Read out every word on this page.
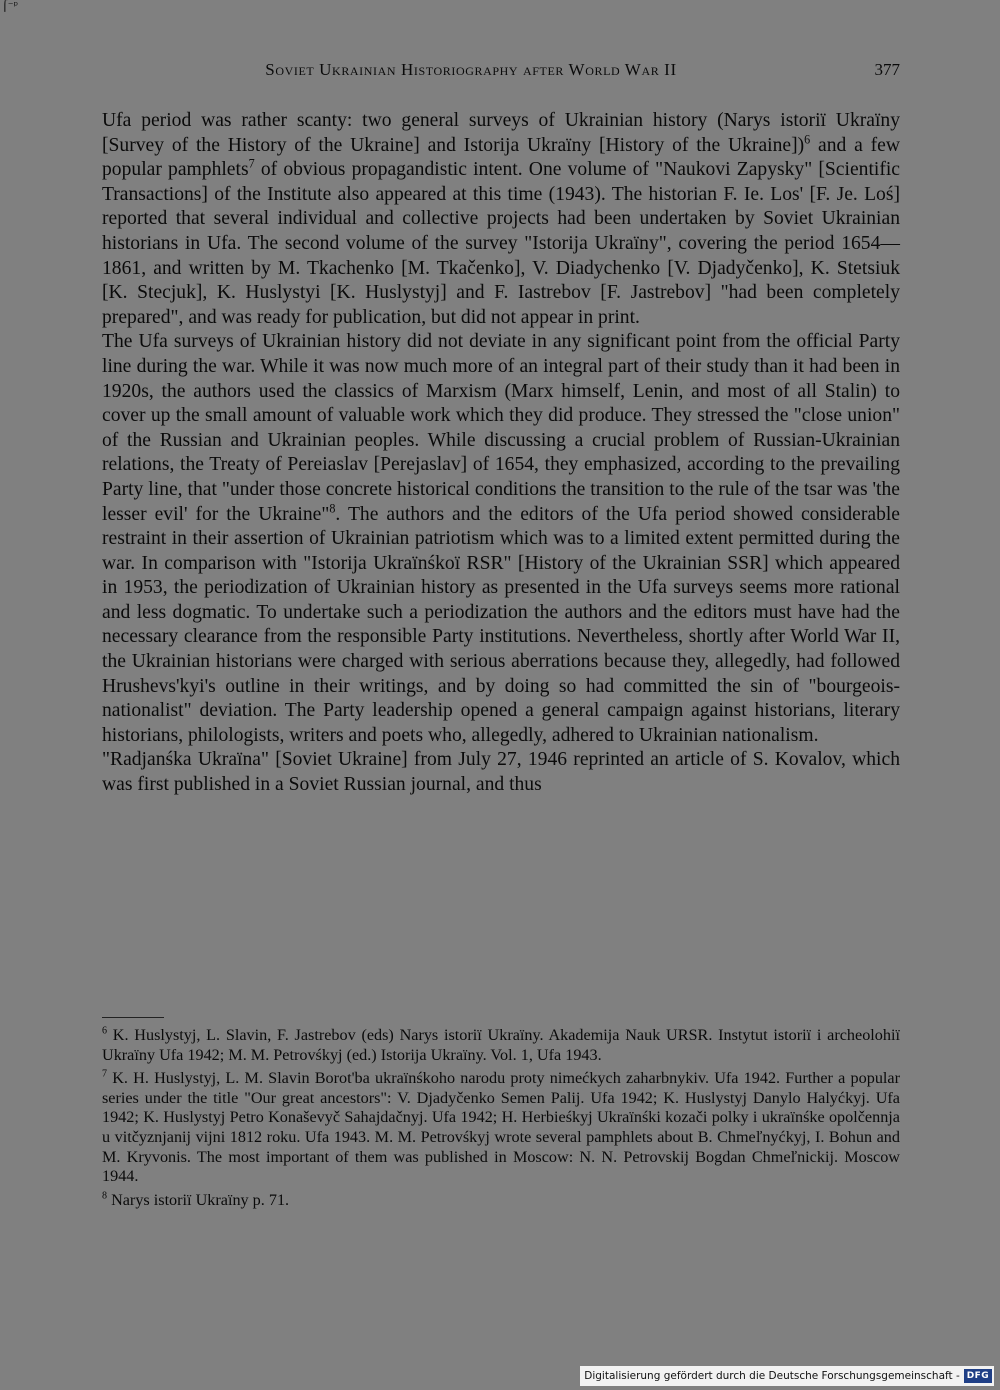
⌠⁻ᵖ
Soviet Ukrainian Historiography after World War II	377

Ufa period was rather scanty: two general surveys of Ukrainian history (Narys istoriï Ukraïny [Survey of the History of the Ukraine] and Istorija Ukraïny [History of the Ukraine])$^6$ and a few popular pamphlets$^7$ of obvious propagandistic intent. One volume of "Naukovi Zapysky" [Scientific Transactions] of the Institute also appeared at this time (1943). The historian F. Ie. Los' [F. Je. Loś] reported that several individual and collective projects had been undertaken by Soviet Ukrainian historians in Ufa. The second volume of the survey "Istorija Ukraïny", covering the period 1654—1861, and written by M. Tkachenko [M. Tkačenko], V. Diadychenko [V. Djadyčenko], K. Stetsiuk [K. Stecjuk], K. Huslystyi [K. Huslystyj] and F. Iastrebov [F. Jastrebov] "had been completely prepared", and was ready for publication, but did not appear in print.

The Ufa surveys of Ukrainian history did not deviate in any significant point from the official Party line during the war. While it was now much more of an integral part of their study than it had been in 1920s, the authors used the classics of Marxism (Marx himself, Lenin, and most of all Stalin) to cover up the small amount of valuable work which they did produce. They stressed the "close union" of the Russian and Ukrainian peoples. While discussing a crucial problem of Russian-Ukrainian relations, the Treaty of Pereiaslav [Perejaslav] of 1654, they emphasized, according to the prevailing Party line, that "under those concrete historical conditions the transition to the rule of the tsar was 'the lesser evil' for the Ukraine"$^8$. The authors and the editors of the Ufa period showed considerable restraint in their assertion of Ukrainian patriotism which was to a limited extent permitted during the war. In comparison with "Istorija Ukraïnśkoï RSR" [History of the Ukrainian SSR] which appeared in 1953, the periodization of Ukrainian history as presented in the Ufa surveys seems more rational and less dogmatic. To undertake such a periodization the authors and the editors must have had the necessary clearance from the responsible Party institutions. Nevertheless, shortly after World War II, the Ukrainian historians were charged with serious aberrations because they, allegedly, had followed Hrushevs'kyi's outline in their writings, and by doing so had committed the sin of "bourgeois-nationalist" deviation. The Party leadership opened a general campaign against historians, literary historians, philologists, writers and poets who, allegedly, adhered to Ukrainian nationalism.

"Radjanśka Ukraïna" [Soviet Ukraine] from July 27, 1946 reprinted an article of S. Kovalov, which was first published in a Soviet Russian journal, and thus

$^6$ K. Huslystyj, L. Slavin, F. Jastrebov (eds) Narys istoriï Ukraïny. Akademija Nauk URSR. Instytut istoriï i archeolohiï Ukraïny Ufa 1942; M. M. Petrovśkyj (ed.) Istorija Ukraïny. Vol. 1, Ufa 1943.

$^7$ K. H. Huslystyj, L. M. Slavin Borot'ba ukraïnśkoho narodu proty nimećkych zaharbnykiv. Ufa 1942. Further a popular series under the title "Our great ancestors": V. Djadyčenko Semen Palij. Ufa 1942; K. Huslystyj Danylo Halyćkyj. Ufa 1942; K. Huslystyj Petro Konaševyč Sahajdačnyj. Ufa 1942; H. Herbieśkyj Ukraïnśki kozači polky i ukraïnśke opolčennja u vitčyznjanij vijni 1812 roku. Ufa 1943. M. M. Petrovśkyj wrote several pamphlets about B. Chmeľnyćkyj, I. Bohun and M. Kryvonis. The most important of them was published in Moscow: N. N. Petrovskij Bogdan Chmeľnickij. Moscow 1944.

$^8$ Narys istoriï Ukraïny p. 71.

Digitalisierung gefördert durch die Deutsche Forschungsgemeinschaft - DFG
